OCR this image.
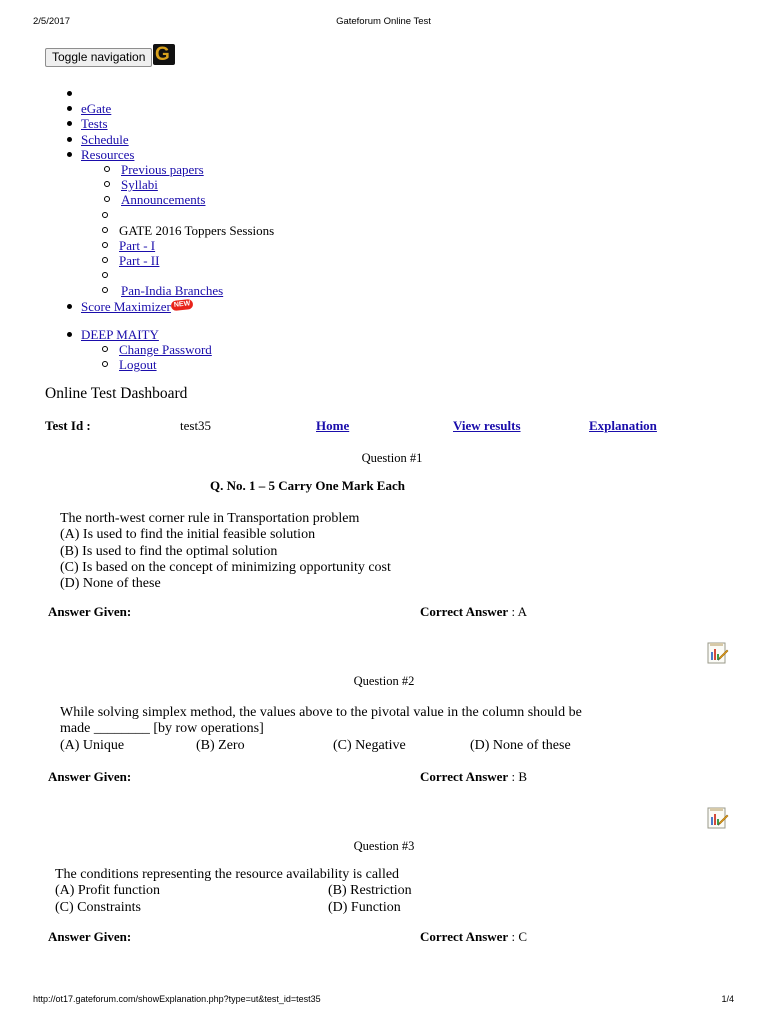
2/5/2017	Gateforum Online Test
Toggle navigation G
eGate
Tests
Schedule
Resources
Previous papers
Syllabi
Announcements
GATE 2016 Toppers Sessions
Part - I
Part - II
Pan-India Branches
Score Maximizer NEW
DEEP MAITY
Change Password
Logout
Online Test Dashboard
Test Id :	test35	Home	View results	Explanation
Question #1
Q. No. 1 – 5 Carry One Mark Each
The north-west corner rule in Transportation problem
(A) Is used to find the initial feasible solution
(B) Is used to find the optimal solution
(C) Is based on the concept of minimizing opportunity cost
(D) None of these
Answer Given:	Correct Answer : A
Question #2
While solving simplex method, the values above to the pivotal value in the column should be
made ________ [by row operations]
(A) Unique	(B) Zero	(C) Negative	(D) None of these
Answer Given:	Correct Answer : B
Question #3
The conditions representing the resource availability is called
(A) Profit function	(B) Restriction
(C) Constraints	(D) Function
Answer Given:	Correct Answer : C
http://ot17.gateforum.com/showExplanation.php?type=ut&test_id=test35	1/4
